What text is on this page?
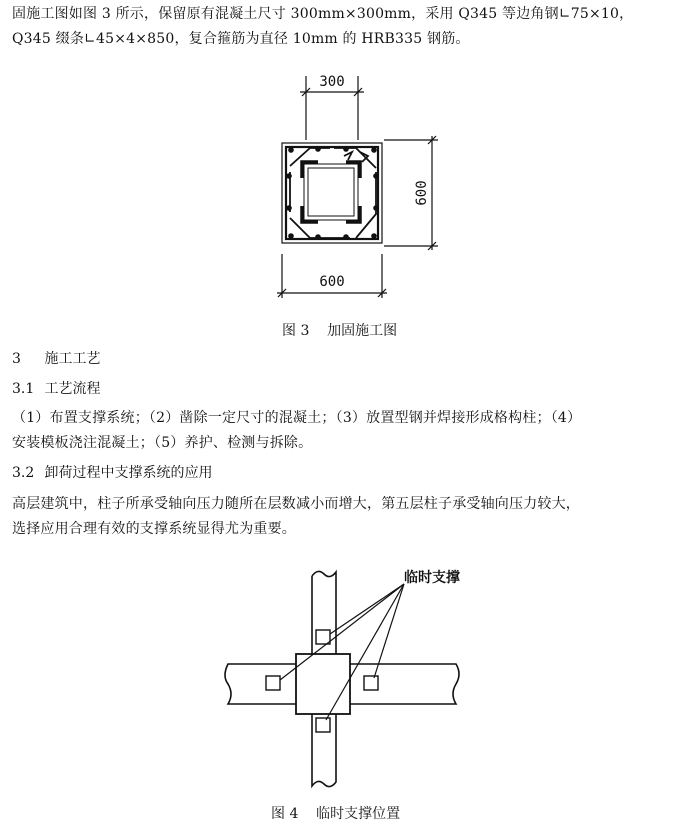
固施工图如图 3 所示，保留原有混凝土尺寸 300mm×300mm，采用 Q345 等边角钢∟75×10，
Q345 缀条∟45×4×850，复合箍筋为直径 10mm 的 HRB335 钢筋。

300
600
600

图 3 加固施工图

3 施工工艺

3.1 工艺流程

（1）布置支撑系统；（2）凿除一定尺寸的混凝土；（3）放置型钢并焊接形成格构柱；（4）
安装模板浇注混凝土；（5）养护、检测与拆除。

3.2 卸荷过程中支撑系统的应用

高层建筑中，柱子所承受轴向压力随所在层数减小而增大，第五层柱子承受轴向压力较大，
选择应用合理有效的支撑系统显得尤为重要。

临时支撑

图 4 临时支撑位置
